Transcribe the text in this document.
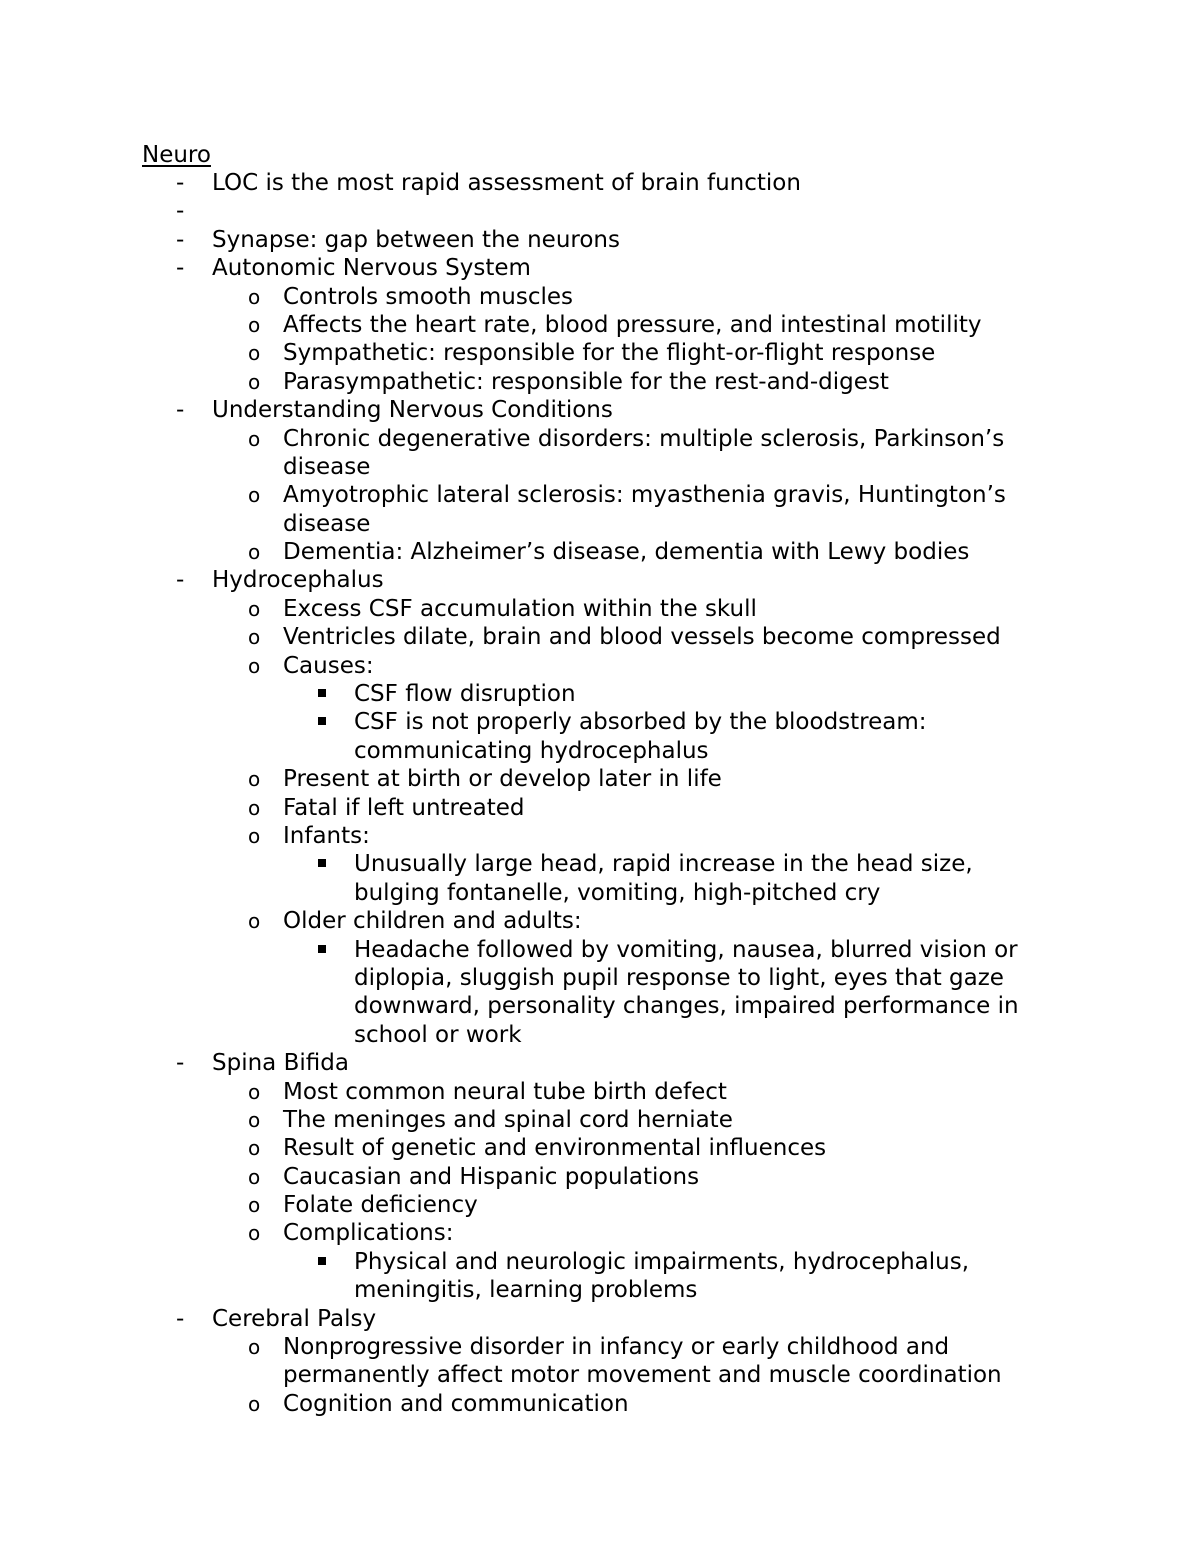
Neuro
- LOC is the most rapid assessment of brain function
-
- Synapse: gap between the neurons
- Autonomic Nervous System
o Controls smooth muscles
o Affects the heart rate, blood pressure, and intestinal motility
o Sympathetic: responsible for the flight-or-flight response
o Parasympathetic: responsible for the rest-and-digest
- Understanding Nervous Conditions
o Chronic degenerative disorders: multiple sclerosis, Parkinson’s
disease
o Amyotrophic lateral sclerosis: myasthenia gravis, Huntington’s
disease
o Dementia: Alzheimer’s disease, dementia with Lewy bodies
- Hydrocephalus
o Excess CSF accumulation within the skull
o Ventricles dilate, brain and blood vessels become compressed
o Causes:
CSF flow disruption
CSF is not properly absorbed by the bloodstream:
communicating hydrocephalus
o Present at birth or develop later in life
o Fatal if left untreated
o Infants:
Unusually large head, rapid increase in the head size,
bulging fontanelle, vomiting, high-pitched cry
o Older children and adults:
Headache followed by vomiting, nausea, blurred vision or
diplopia, sluggish pupil response to light, eyes that gaze
downward, personality changes, impaired performance in
school or work
- Spina Bifida
o Most common neural tube birth defect
o The meninges and spinal cord herniate
o Result of genetic and environmental influences
o Caucasian and Hispanic populations
o Folate deficiency
o Complications:
Physical and neurologic impairments, hydrocephalus,
meningitis, learning problems
- Cerebral Palsy
o Nonprogressive disorder in infancy or early childhood and
permanently affect motor movement and muscle coordination
o Cognition and communication
